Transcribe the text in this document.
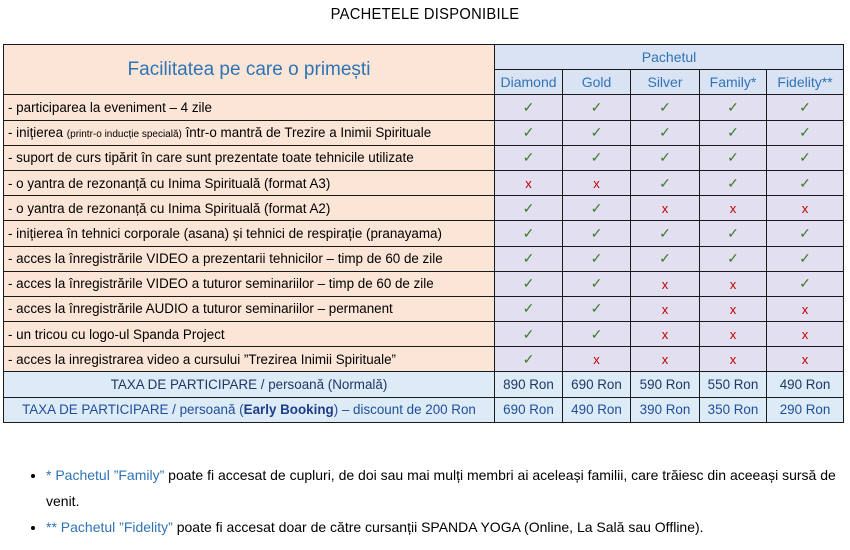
PACHETELE DISPONIBILE
Facilitatea pe care o primești	Pachetul				
	Diamond	Gold	Silver	Family*	Fidelity**
- participarea la eveniment – 4 zile	✓	✓	✓	✓	✓
- inițierea (printr-o inducție specială) într-o mantră de Trezire a Inimii Spirituale	✓	✓	✓	✓	✓
- suport de curs tipărit în care sunt prezentate toate tehnicile utilizate	✓	✓	✓	✓	✓
- o yantra de rezonanță cu Inima Spirituală (format A3)	x	x	✓	✓	✓
- o yantra de rezonanță cu Inima Spirituală (format A2)	✓	✓	x	x	x
- inițierea în tehnici corporale (asana) și tehnici de respirație (pranayama)	✓	✓	✓	✓	✓
- acces la înregistrările VIDEO a prezentarii tehnicilor – timp de 60 de zile	✓	✓	✓	✓	✓
- acces la înregistrările VIDEO a tuturor seminariilor – timp de 60 de zile	✓	✓	x	x	✓
- acces la înregistrările AUDIO a tuturor seminariilor – permanent	✓	✓	x	x	x
- un tricou cu logo-ul Spanda Project	✓	✓	x	x	x
- acces la inregistrarea video a cursului ”Trezirea Inimii Spirituale”	✓	x	x	x	x
TAXA DE PARTICIPARE / persoană (Normală)	890 Ron	690 Ron	590 Ron	550 Ron	490 Ron
TAXA DE PARTICIPARE / persoană (Early Booking) – discount de 200 Ron	690 Ron	490 Ron	390 Ron	350 Ron	290 Ron
• * Pachetul ”Family” poate fi accesat de cupluri, de doi sau mai mulți membri ai aceleași familii, care trăiesc din aceeași sursă de venit.
• ** Pachetul ”Fidelity” poate fi accesat doar de către cursanții SPANDA YOGA (Online, La Sală sau Offline).
